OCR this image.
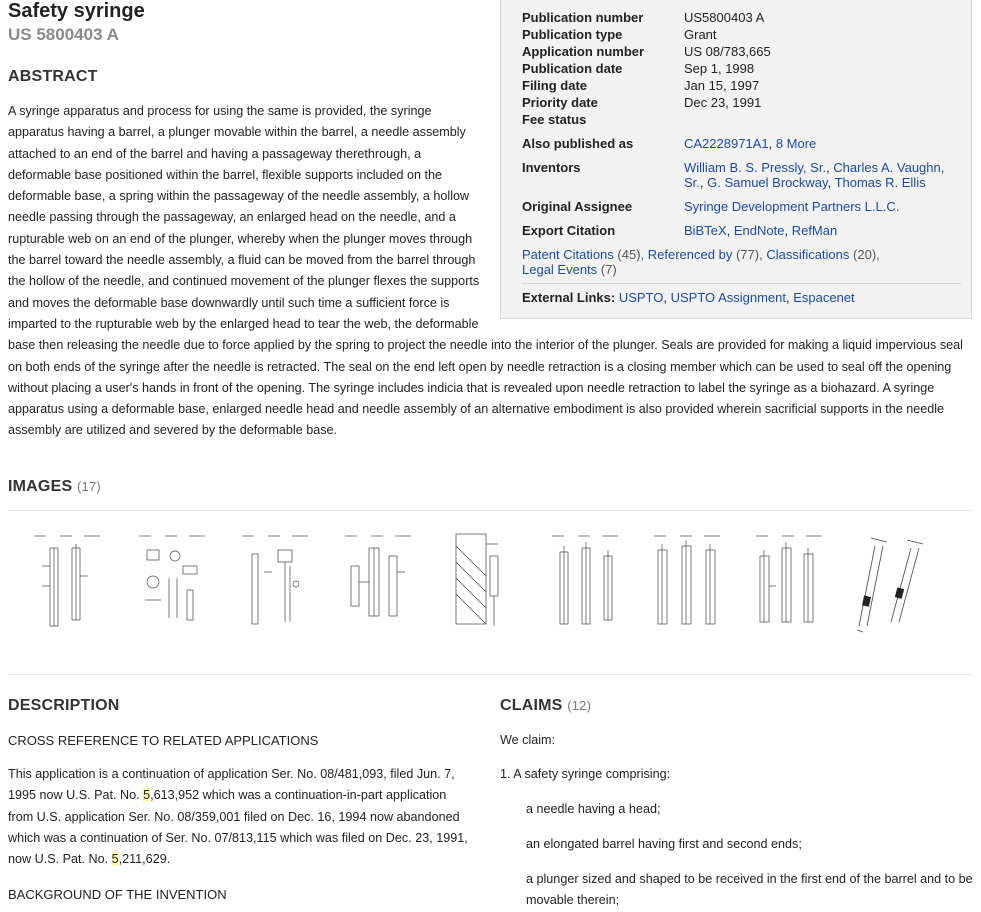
Safety syringe
US 5800403 A
Publication number	US5800403 A
Publication type	Grant
Application number	US 08/783,665
Publication date	Sep 1, 1998
Filing date	Jan 15, 1997
Priority date	Dec 23, 1991
Fee status
Also published as	CA2228971A1, 8 More
Inventors	William B. S. Pressly, Sr., Charles A. Vaughn, Sr., G. Samuel Brockway, Thomas R. Ellis
Original Assignee	Syringe Development Partners L.L.C.
Export Citation	BiBTeX, EndNote, RefMan
Patent Citations (45), Referenced by (77), Classifications (20),
Legal Events (7)
External Links: USPTO, USPTO Assignment, Espacenet
ABSTRACT
A syringe apparatus and process for using the same is provided, the syringe apparatus having a barrel, a plunger movable within the barrel, a needle assembly attached to an end of the barrel and having a passageway therethrough, a deformable base positioned within the barrel, flexible supports included on the deformable base, a spring within the passageway of the needle assembly, a hollow needle passing through the passageway, an enlarged head on the needle, and a rupturable web on an end of the plunger, whereby when the plunger moves through the barrel toward the needle assembly, a fluid can be moved from the barrel through the hollow of the needle, and continued movement of the plunger flexes the supports and moves the deformable base downwardly until such time a sufficient force is imparted to the rupturable web by the enlarged head to tear the web, the deformable base then releasing the needle due to force applied by the spring to project the needle into the interior of the plunger. Seals are provided for making a liquid impervious seal on both ends of the syringe after the needle is retracted. The seal on the end left open by needle retraction is a closing member which can be used to seal off the opening without placing a user's hands in front of the opening. The syringe includes indicia that is revealed upon needle retraction to label the syringe as a biohazard. A syringe apparatus using a deformable base, enlarged needle head and needle assembly of an alternative embodiment is also provided wherein sacrificial supports in the needle assembly are utilized and severed by the deformable base.
IMAGES (17)
DESCRIPTION
CROSS REFERENCE TO RELATED APPLICATIONS
This application is a continuation of application Ser. No. 08/481,093, filed Jun. 7, 1995 now U.S. Pat. No. 5,613,952 which was a continuation-in-part application from U.S. application Ser. No. 08/359,001 filed on Dec. 16, 1994 now abandoned which was a continuation of Ser. No. 07/813,115 which was filed on Dec. 23, 1991, now U.S. Pat. No. 5,211,629.
BACKGROUND OF THE INVENTION
CLAIMS (12)
We claim:
1. A safety syringe comprising:
a needle having a head;
an elongated barrel having first and second ends;
a plunger sized and shaped to be received in the first end of the barrel and to be movable therein;
